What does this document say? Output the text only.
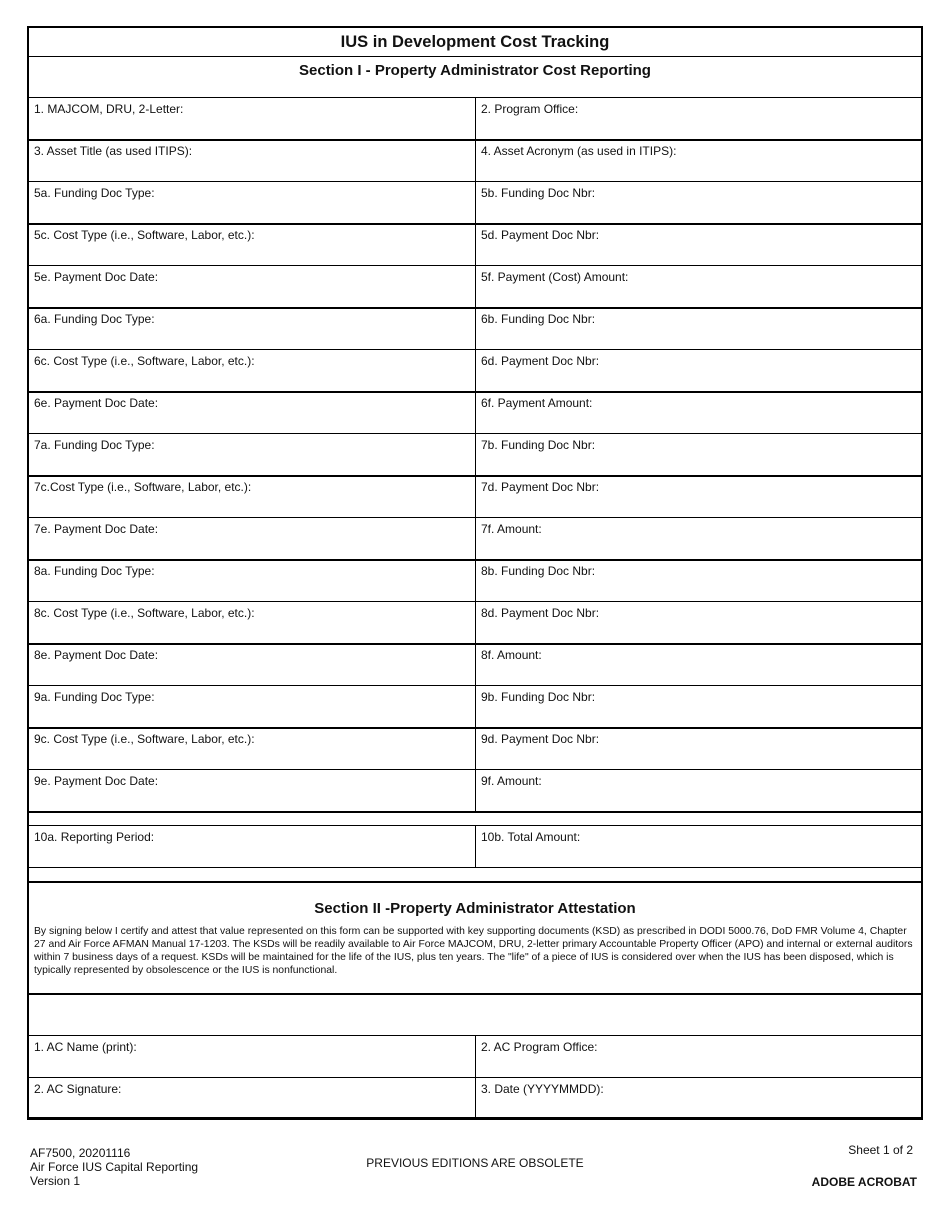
IUS in Development Cost Tracking
Section I - Property Administrator Cost Reporting
1. MAJCOM, DRU, 2-Letter:	2. Program Office:
3. Asset Title (as used ITIPS):	4. Asset Acronym (as used in ITIPS):
5a. Funding Doc Type:	5b. Funding Doc Nbr:
5c. Cost Type (i.e., Software, Labor, etc.):	5d. Payment Doc Nbr:
5e. Payment Doc Date:	5f. Payment (Cost) Amount:
6a. Funding Doc Type:	6b. Funding Doc Nbr:
6c. Cost Type (i.e., Software, Labor, etc.):	6d. Payment Doc Nbr:
6e. Payment Doc Date:	6f. Payment Amount:
7a. Funding Doc Type:	7b. Funding Doc Nbr:
7c.Cost Type (i.e., Software, Labor, etc.):	7d. Payment Doc Nbr:
7e. Payment Doc Date:	7f. Amount:
8a. Funding Doc Type:	8b. Funding Doc Nbr:
8c. Cost Type (i.e., Software, Labor, etc.):	8d. Payment Doc Nbr:
8e. Payment Doc Date:	8f. Amount:
9a. Funding Doc Type:	9b. Funding Doc Nbr:
9c. Cost Type (i.e., Software, Labor, etc.):	9d. Payment Doc Nbr:
9e. Payment Doc Date:	9f. Amount:
10a. Reporting Period:	10b. Total Amount:
Section II -Property Administrator Attestation
By signing below I certify and attest that value represented on this form can be supported with key supporting documents (KSD) as prescribed in DODI 5000.76, DoD FMR Volume 4, Chapter 27 and Air Force AFMAN Manual 17-1203. The KSDs will be readily available to Air Force MAJCOM, DRU, 2-letter primary Accountable Property Officer (APO) and internal or external auditors within 7 business days of a request. KSDs will be maintained for the life of the IUS, plus ten years. The "life" of a piece of IUS is considered over when the IUS has been disposed, which is typically represented by obsolescence or the IUS is nonfunctional.
1. AC Name (print):	2. AC Program Office:
2. AC Signature:	3. Date (YYYYMMDD):
AF7500, 20201116
Air Force IUS Capital Reporting
Version 1
PREVIOUS EDITIONS ARE OBSOLETE
Sheet 1 of 2
ADOBE ACROBAT
